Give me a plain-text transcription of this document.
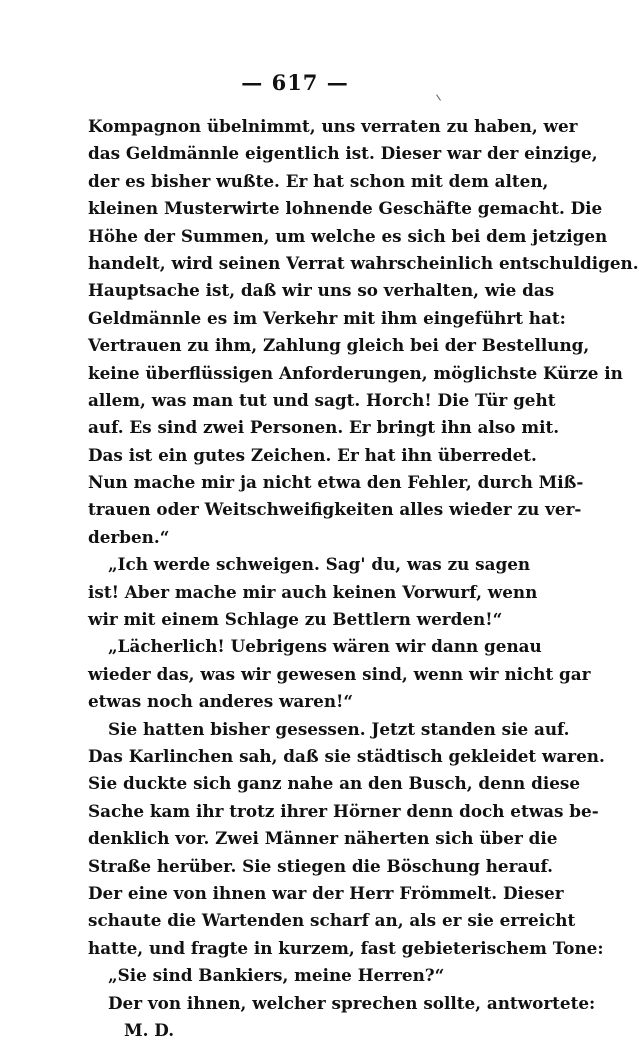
— 617 —
Kompagnon übelnimmt, uns verraten zu haben, wer
das Geldmännle eigentlich ist. Dieser war der einzige,
der es bisher wußte. Er hat schon mit dem alten,
kleinen Musterwirte lohnende Geschäfte gemacht. Die
Höhe der Summen, um welche es sich bei dem jetzigen
handelt, wird seinen Verrat wahrscheinlich entschuldigen.
Hauptsache ist, daß wir uns so verhalten, wie das
Geldmännle es im Verkehr mit ihm eingeführt hat:
Vertrauen zu ihm, Zahlung gleich bei der Bestellung,
keine überflüssigen Anforderungen, möglichste Kürze in
allem, was man tut und sagt. Horch! Die Tür geht
auf. Es sind zwei Personen. Er bringt ihn also mit.
Das ist ein gutes Zeichen. Er hat ihn überredet.
Nun mache mir ja nicht etwa den Fehler, durch Miß-
trauen oder Weitschweifigkeiten alles wieder zu ver-
derben.“
„Ich werde schweigen. Sag' du, was zu sagen
ist! Aber mache mir auch keinen Vorwurf, wenn
wir mit einem Schlage zu Bettlern werden!“
„Lächerlich! Uebrigens wären wir dann genau
wieder das, was wir gewesen sind, wenn wir nicht gar
etwas noch anderes waren!“
Sie hatten bisher gesessen. Jetzt standen sie auf.
Das Karlinchen sah, daß sie städtisch gekleidet waren.
Sie duckte sich ganz nahe an den Busch, denn diese
Sache kam ihr trotz ihrer Hörner denn doch etwas be-
denklich vor. Zwei Männer näherten sich über die
Straße herüber. Sie stiegen die Böschung herauf.
Der eine von ihnen war der Herr Frömmelt. Dieser
schaute die Wartenden scharf an, als er sie erreicht
hatte, und fragte in kurzem, fast gebieterischem Tone:
„Sie sind Bankiers, meine Herren?“
Der von ihnen, welcher sprechen sollte, antwortete:
M. D.
